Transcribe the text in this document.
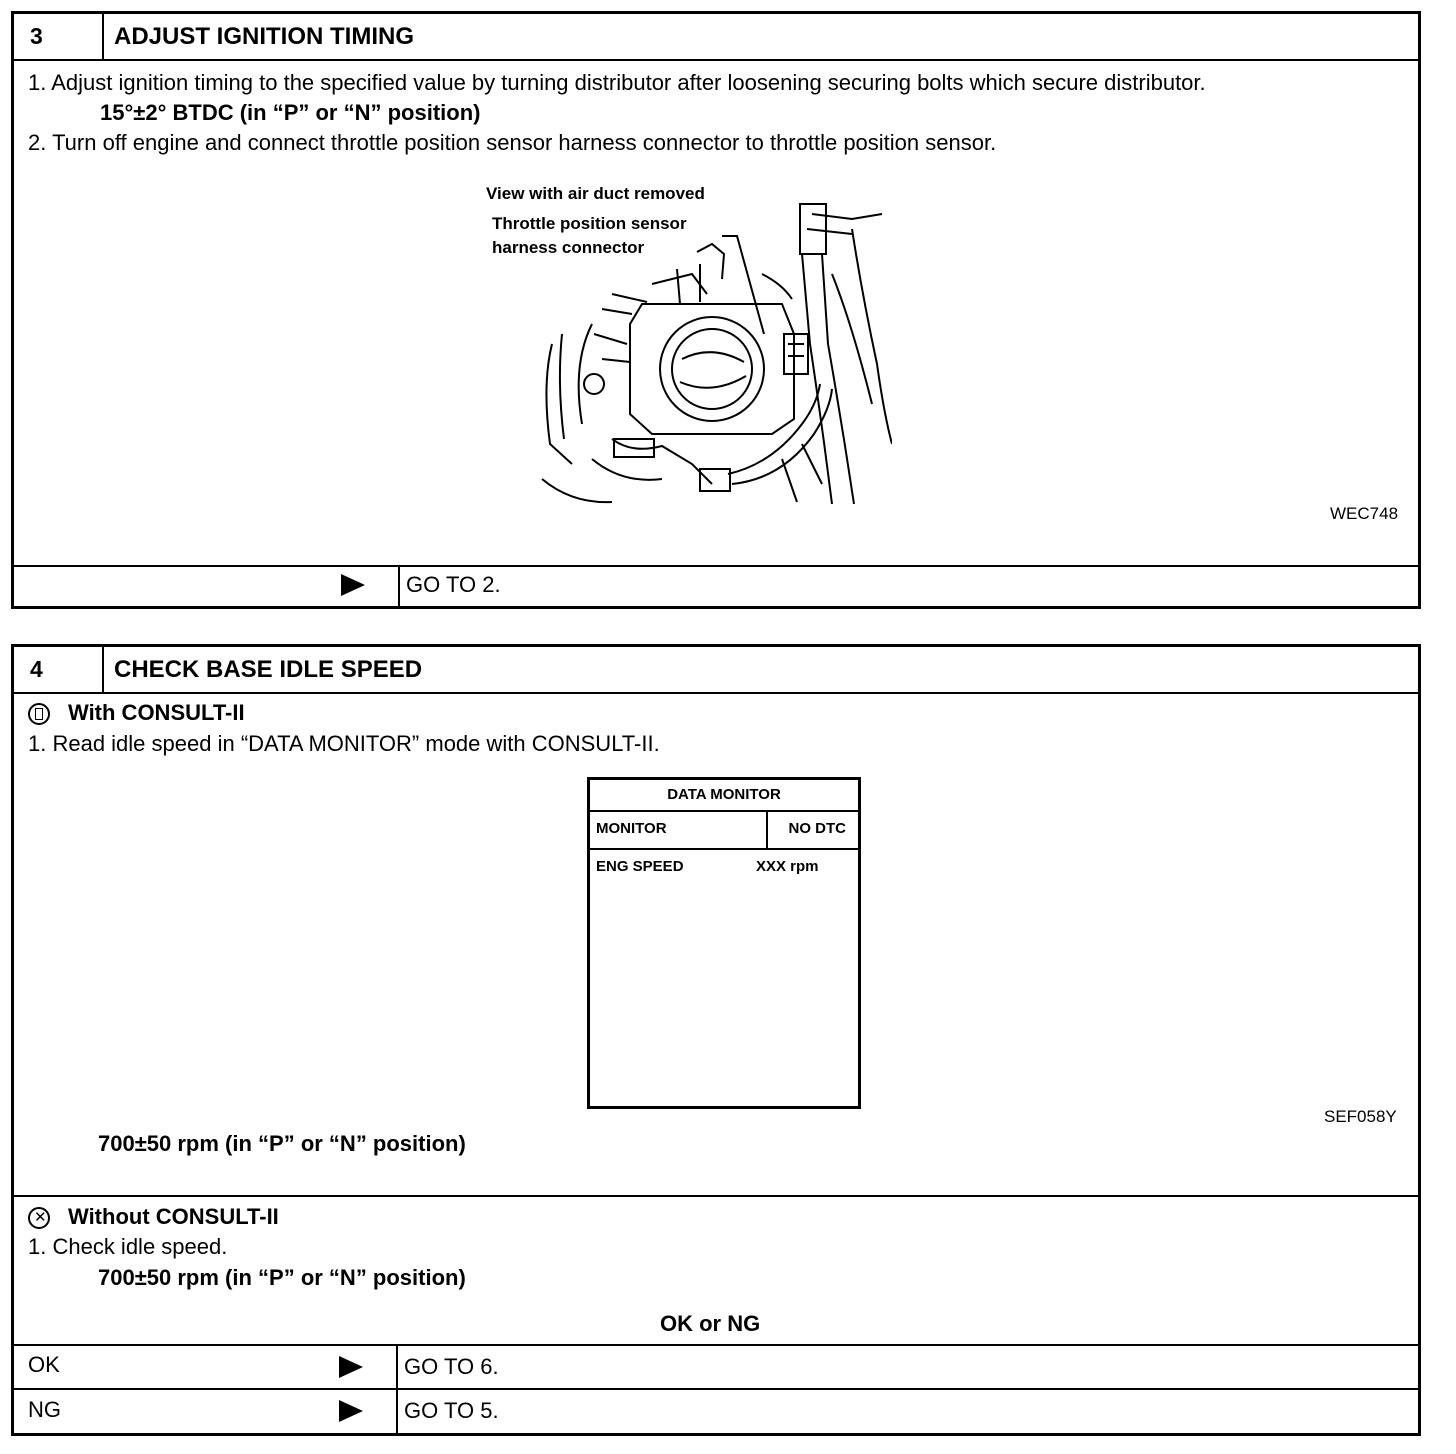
3	ADJUST IGNITION TIMING
1. Adjust ignition timing to the specified value by turning distributor after loosening securing bolts which secure distributor.
15°±2° BTDC (in “P” or “N” position)
2. Turn off engine and connect throttle position sensor harness connector to throttle position sensor.
View with air duct removed
Throttle position sensor
harness connector
WEC748
GO TO 2.
4	CHECK BASE IDLE SPEED
With CONSULT-II
1. Read idle speed in “DATA MONITOR” mode with CONSULT-II.
DATA MONITOR
MONITOR	NO DTC
ENG SPEED	XXX rpm
SEF058Y
700±50 rpm (in “P” or “N” position)
✕ Without CONSULT-II
1. Check idle speed.
700±50 rpm (in “P” or “N” position)
OK or NG
OK	GO TO 6.
NG	GO TO 5.
